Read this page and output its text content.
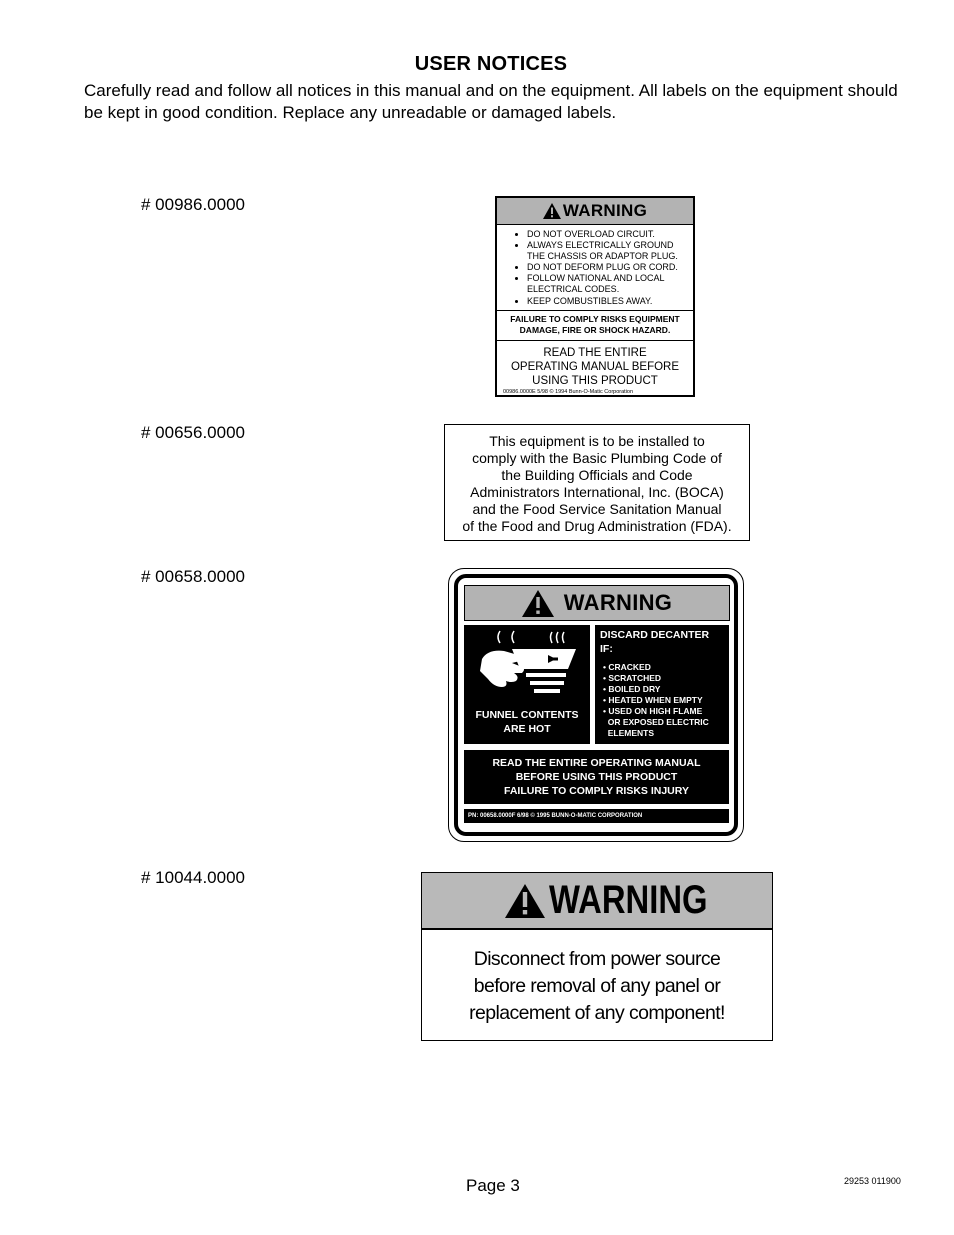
USER NOTICES
Carefully read and follow all notices in this manual and on the equipment. All labels on the equipment should be kept in good condition. Replace any unreadable or damaged labels.
# 00986.0000
# 00656.0000
# 00658.0000
# 10044.0000
WARNING
• DO NOT OVERLOAD CIRCUIT.
• ALWAYS ELECTRICALLY GROUND THE CHASSIS OR ADAPTOR PLUG.
• DO NOT DEFORM PLUG OR CORD.
• FOLLOW NATIONAL AND LOCAL ELECTRICAL CODES.
• KEEP COMBUSTIBLES AWAY.
FAILURE TO COMPLY RISKS EQUIPMENT
DAMAGE, FIRE OR SHOCK HAZARD.
READ THE ENTIRE
OPERATING MANUAL BEFORE
USING THIS PRODUCT
00986.0000E 5/98 © 1994 Bunn-O-Matic Corporation
This equipment is to be installed to
comply with the Basic Plumbing Code of
the Building Officials and Code
Administrators International, Inc. (BOCA)
and the Food Service Sanitation Manual
of the Food and Drug Administration (FDA).
WARNING
FUNNEL CONTENTS
ARE HOT
DISCARD DECANTER
IF:
• CRACKED
• SCRATCHED
• BOILED DRY
• HEATED WHEN EMPTY
• USED ON HIGH FLAME
OR EXPOSED ELECTRIC
ELEMENTS
READ THE ENTIRE OPERATING MANUAL
BEFORE USING THIS PRODUCT
FAILURE TO COMPLY RISKS INJURY
PN: 00658.0000F 6/98 © 1995 BUNN-O-MATIC CORPORATION
WARNING
Disconnect from power source
before removal of any panel or
replacement of any component!
Page 3	29253 011900
